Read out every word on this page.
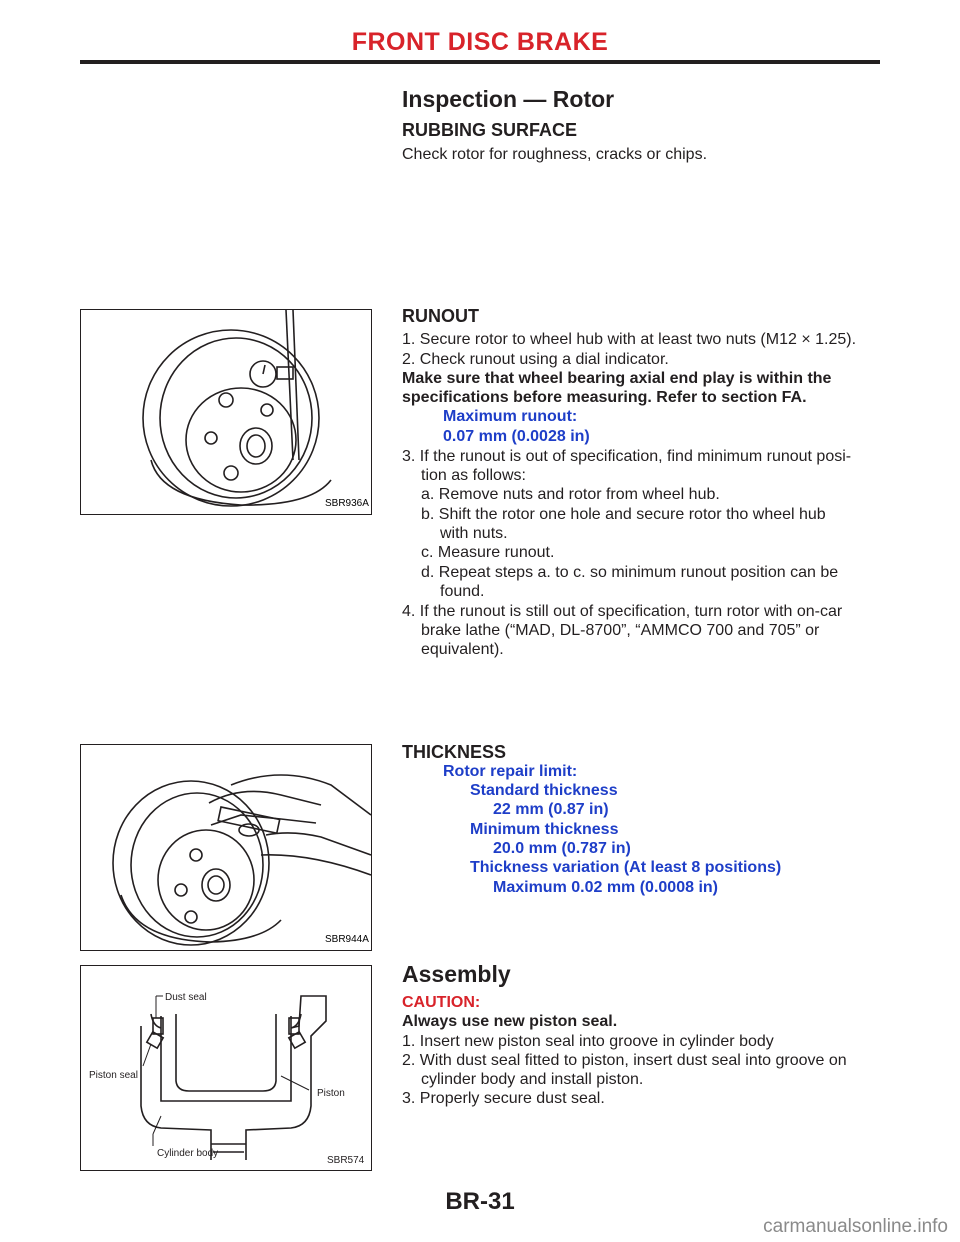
FRONT DISC BRAKE
Inspection — Rotor
RUBBING SURFACE
Check rotor for roughness, cracks or chips.
SBR936A
RUNOUT
1. Secure rotor to wheel hub with at least two nuts (M12 × 1.25).
2. Check runout using a dial indicator.
Make sure that wheel bearing axial end play is within the
specifications before measuring. Refer to section FA.
Maximum runout:
0.07 mm (0.0028 in)
3. If the runout is out of specification, find minimum runout posi-
tion as follows:
a. Remove nuts and rotor from wheel hub.
b. Shift the rotor one hole and secure rotor tho wheel hub
with nuts.
c. Measure runout.
d. Repeat steps a. to c. so minimum runout position can be
found.
4. If the runout is still out of specification, turn rotor with on-car
brake lathe (“MAD, DL-8700”, “AMMCO 700 and 705” or
equivalent).
SBR944A
THICKNESS
Rotor repair limit:
Standard thickness
22 mm (0.87 in)
Minimum thickness
20.0 mm (0.787 in)
Thickness variation (At least 8 positions)
Maximum 0.02 mm (0.0008 in)
Dust seal
Piston seal
Piston
Cylinder body
SBR574
Assembly
CAUTION:
Always use new piston seal.
1. Insert new piston seal into groove in cylinder body
2. With dust seal fitted to piston, insert dust seal into groove on
cylinder body and install piston.
3. Properly secure dust seal.
BR-31
carmanualsonline.info
